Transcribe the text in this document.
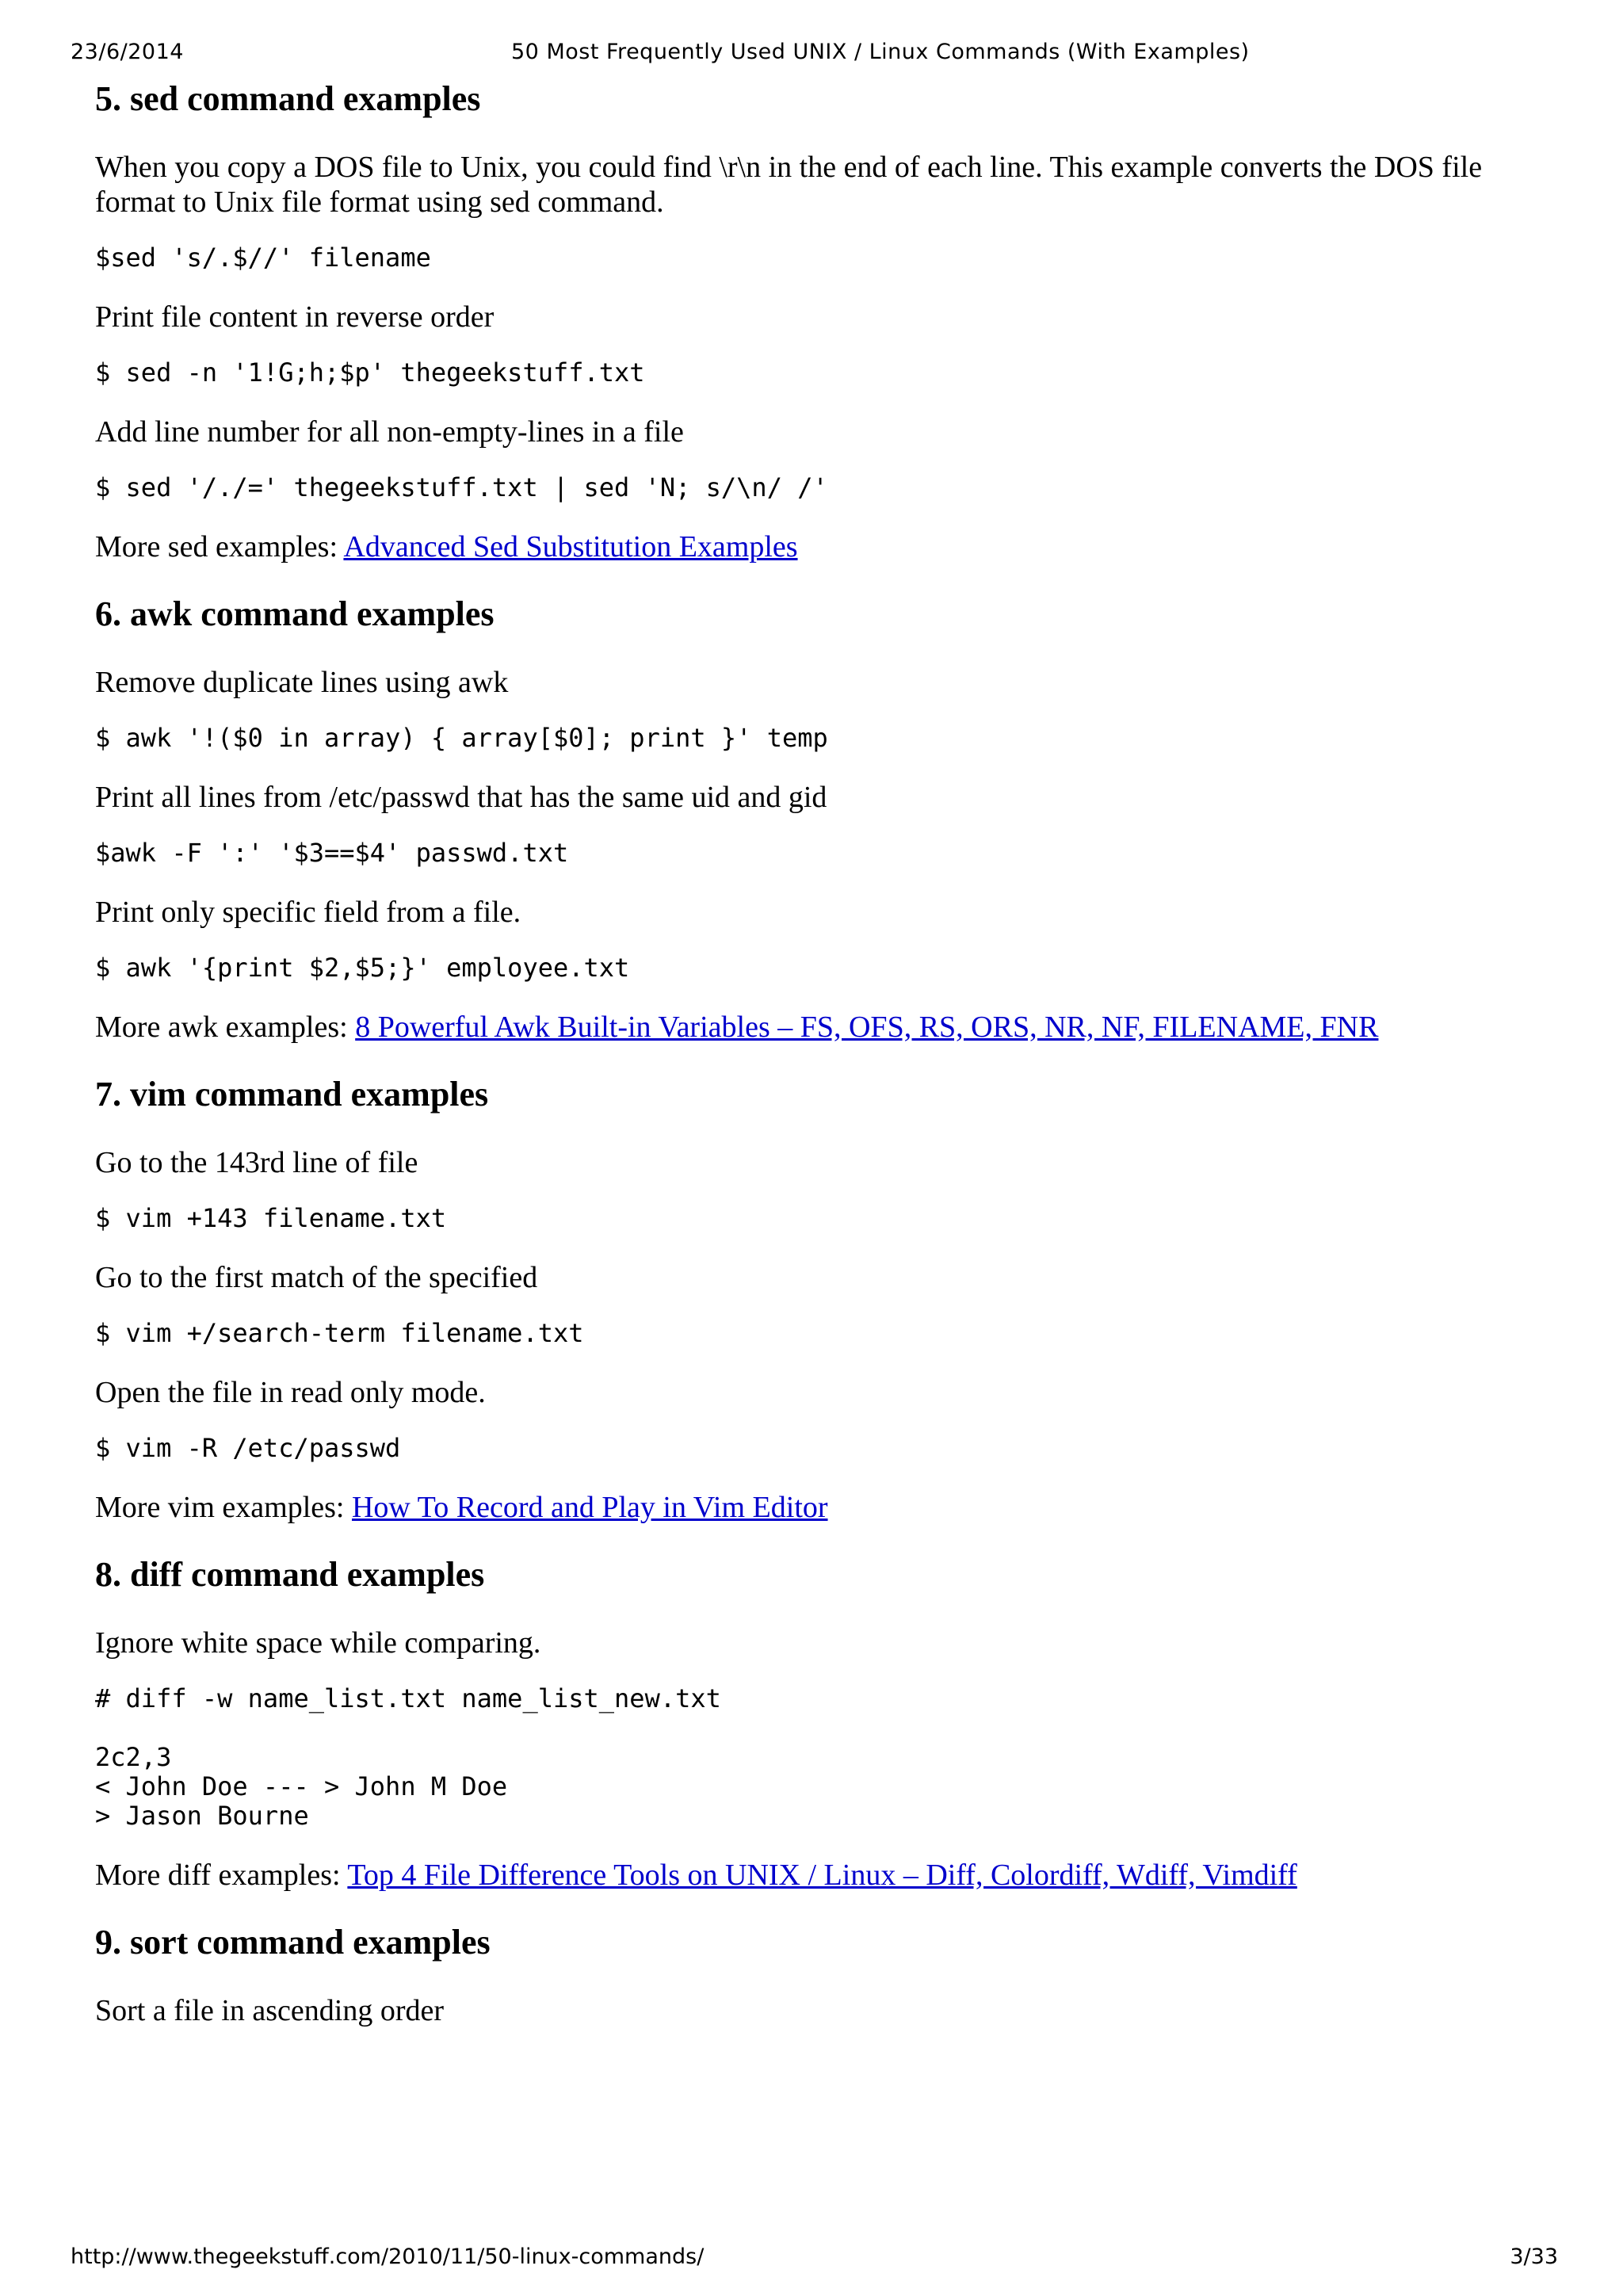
23/6/2014	50 Most Frequently Used UNIX / Linux Commands (With Examples)
5. sed command examples

When you copy a DOS file to Unix, you could find \r\n in the end of each line. This example converts the DOS file format to Unix file format using sed command.

$sed 's/.$//' filename

Print file content in reverse order

$ sed -n '1!G;h;$p' thegeekstuff.txt

Add line number for all non-empty-lines in a file

$ sed '/./=' thegeekstuff.txt | sed 'N; s/\n/ /'

More sed examples: Advanced Sed Substitution Examples

6. awk command examples

Remove duplicate lines using awk

$ awk '!($0 in array) { array[$0]; print }' temp

Print all lines from /etc/passwd that has the same uid and gid

$awk -F ':' '$3==$4' passwd.txt

Print only specific field from a file.

$ awk '{print $2,$5;}' employee.txt

More awk examples: 8 Powerful Awk Built-in Variables – FS, OFS, RS, ORS, NR, NF, FILENAME, FNR

7. vim command examples

Go to the 143rd line of file

$ vim +143 filename.txt

Go to the first match of the specified

$ vim +/search-term filename.txt

Open the file in read only mode.

$ vim -R /etc/passwd

More vim examples: How To Record and Play in Vim Editor

8. diff command examples

Ignore white space while comparing.

# diff -w name_list.txt name_list_new.txt
2c2,3
< John Doe --- > John M Doe
> Jason Bourne

More diff examples: Top 4 File Difference Tools on UNIX / Linux – Diff, Colordiff, Wdiff, Vimdiff

9. sort command examples

Sort a file in ascending order

http://www.thegeekstuff.com/2010/11/50-linux-commands/	3/33
